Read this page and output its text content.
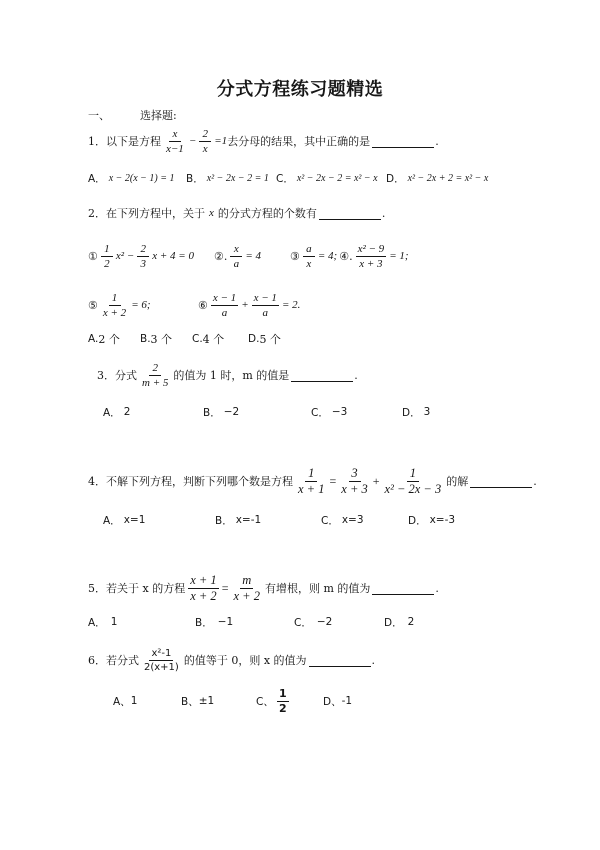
分式方程练习题精选
一、	选择题:
1． 以下是方程 $\frac{x}{x-1} - \frac{2}{x} =1$ 去分母的结果，其中正确的是	.
A． x − 2(x − 1) = 1 B． x² − 2x − 2 = 1 C． x² − 2x − 2 = x² − x D． x² − 2x + 2 = x² − x
2． 在下列方程中，关于 x 的分式方程的个数有	.
① $\frac{1}{2} x^2 - \frac{2}{3}$ x + 4 = 0 ②. $\frac{x}{a} = 4$	③ $\frac{a}{x} = 4$; ④. $\frac{\text{x² − 9}}{x + 3} = 1$;
⑤ $\frac{1}{x + 2} = 6$;	⑥ $\frac{x - 1}{a} + \frac{x - 1}{a} = 2$.
A. 2 个 B. 3 个 C. 4 个 D. 5 个
3． 分式 $\frac{2}{m + 5}$ 的值为 1 时，m 的值是	.
A． 2	B． −2	C． −3	D． 3
4． 不解下列方程，判断下列哪个数是方程 $\frac{1}{x + 1} = \frac{3}{x + 3} + \frac{1}{\text{x² − 2x − 3}}$ 的解	.
A． x=1	B． x=-1	C． x=3	D． x=-3
5． 若关于 x 的方程 $\frac{x + 1}{x + 2} = \frac{m}{x + 2}$ 有增根，则 m 的值为	.
A． 1	B． −1	C． −2	D． 2
6． 若分式 $\frac{\text{x²-1}}{2(x+1)}$ 的值等于 0，则 x 的值为	.
A、 1	B、 ±1	C、 $\frac{1}{2}$	D、 -1
